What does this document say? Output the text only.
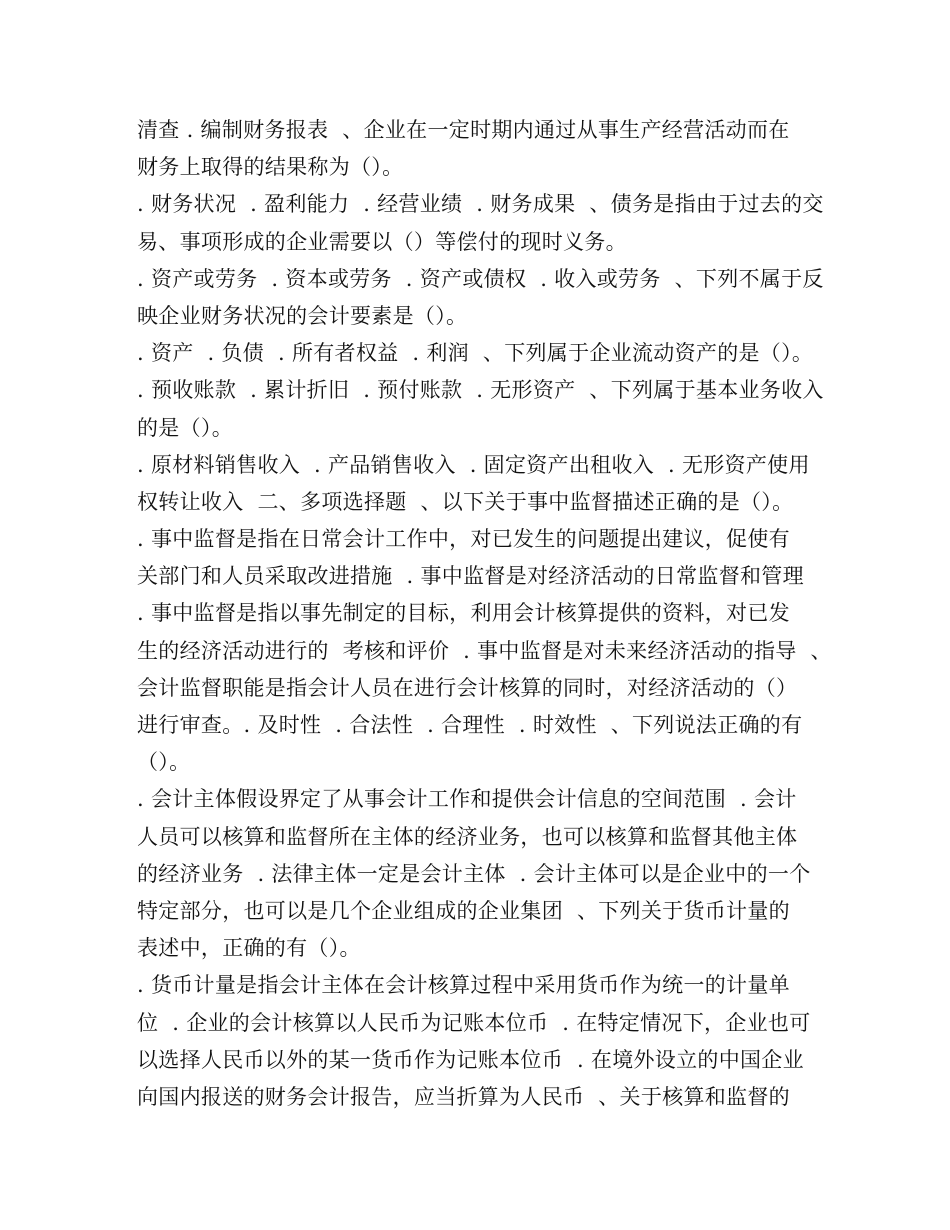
清查 . 编制财务报表  、企业在一定时期内通过从事生产经营活动而在
财务上取得的结果称为（）。
. 财务状况  . 盈利能力  . 经营业绩  . 财务成果  、债务是指由于过去的交
易、事项形成的企业需要以（）等偿付的现时义务。
. 资产或劳务  . 资本或劳务  . 资产或债权  . 收入或劳务  、下列不属于反
映企业财务状况的会计要素是（）。
. 资产  . 负债  . 所有者权益  . 利润  、下列属于企业流动资产的是（）。
. 预收账款  . 累计折旧  . 预付账款  . 无形资产  、下列属于基本业务收入
的是（）。
. 原材料销售收入  . 产品销售收入  . 固定资产出租收入  . 无形资产使用
权转让收入  二、多项选择题  、以下关于事中监督描述正确的是（）。
. 事中监督是指在日常会计工作中，对已发生的问题提出建议，促使有
关部门和人员采取改进措施  . 事中监督是对经济活动的日常监督和管理
. 事中监督是指以事先制定的目标，利用会计核算提供的资料，对已发
生的经济活动进行的  考核和评价  . 事中监督是对未来经济活动的指导  、
会计监督职能是指会计人员在进行会计核算的同时，对经济活动的（）
进行审查。. 及时性  . 合法性  . 合理性  . 时效性  、下列说法正确的有
（）。
. 会计主体假设界定了从事会计工作和提供会计信息的空间范围  . 会计
人员可以核算和监督所在主体的经济业务，也可以核算和监督其他主体
的经济业务  . 法律主体一定是会计主体  . 会计主体可以是企业中的一个
特定部分，也可以是几个企业组成的企业集团  、下列关于货币计量的
表述中，正确的有（）。
. 货币计量是指会计主体在会计核算过程中采用货币作为统一的计量单
位  . 企业的会计核算以人民币为记账本位币  . 在特定情况下，企业也可
以选择人民币以外的某一货币作为记账本位币  . 在境外设立的中国企业
向国内报送的财务会计报告，应当折算为人民币  、关于核算和监督的
